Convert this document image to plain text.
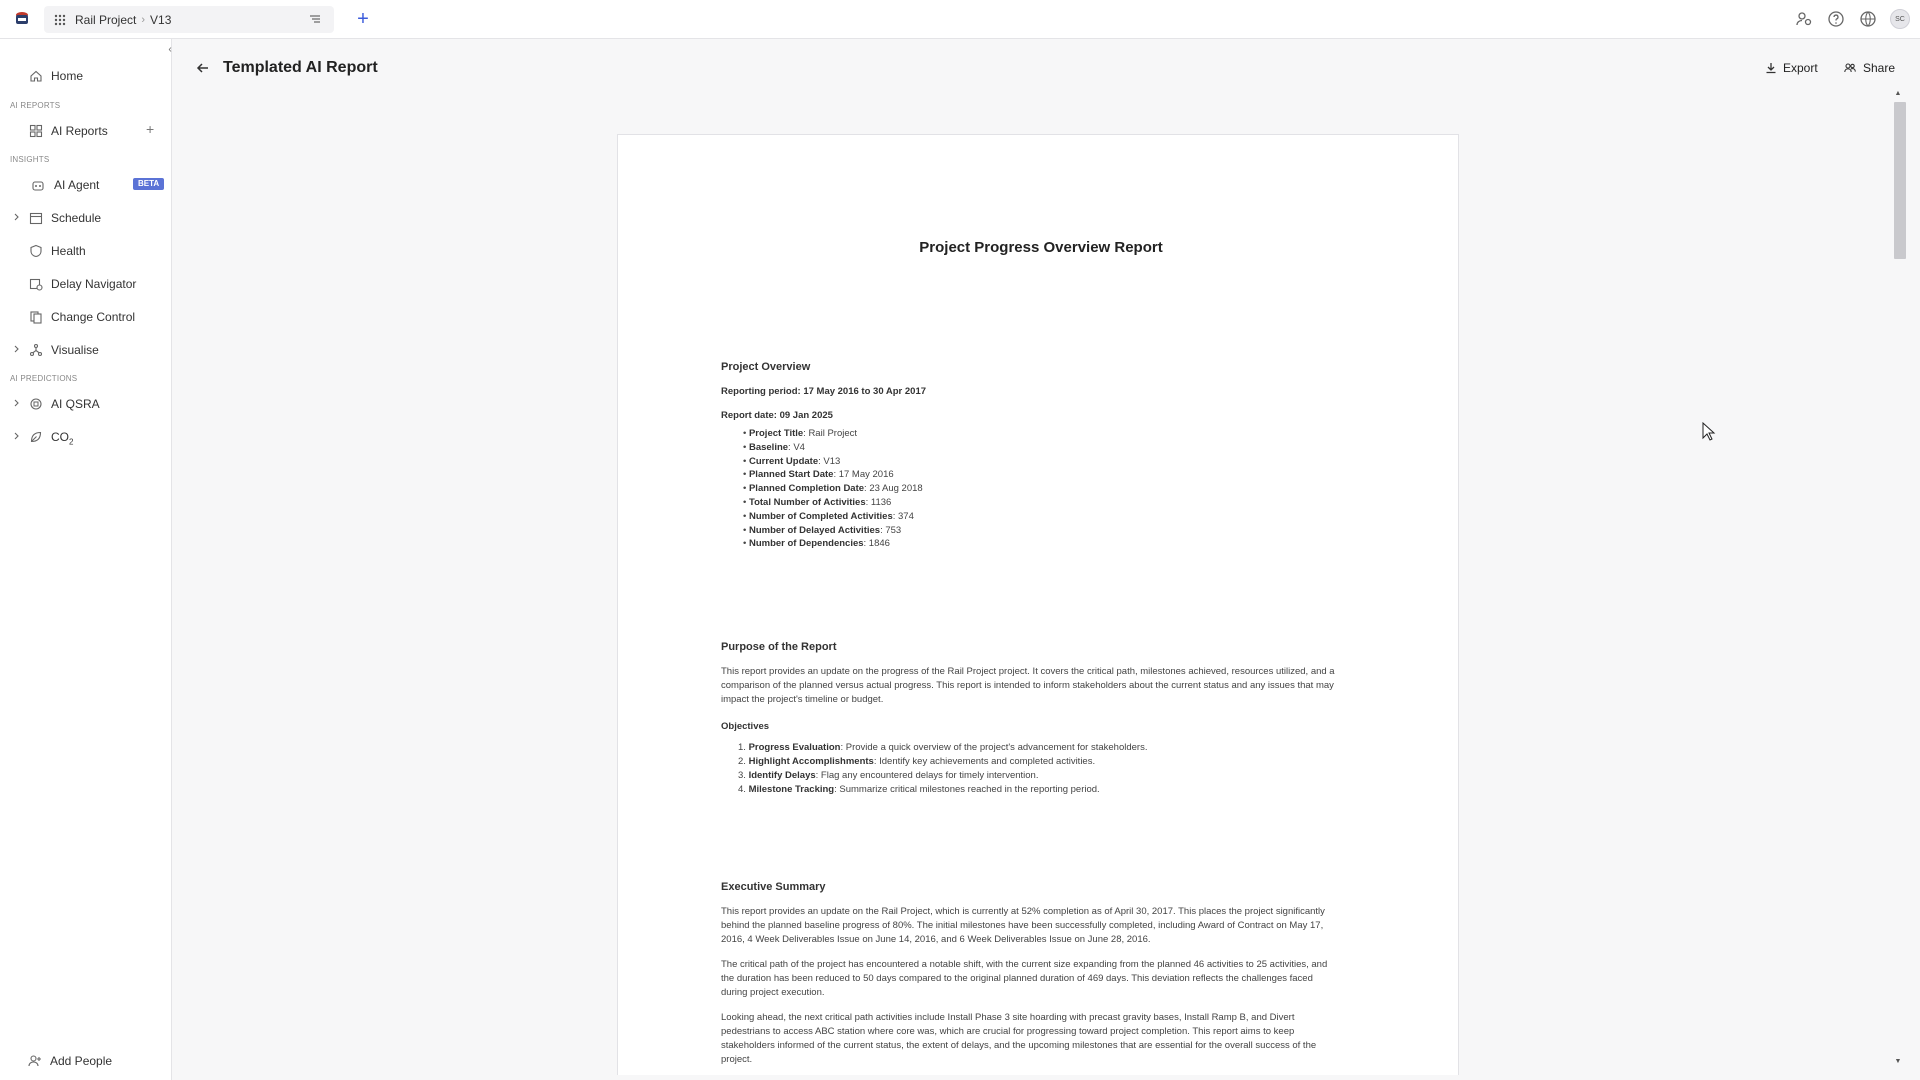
Rail Project › V13	+	SC
Home
AI REPORTS
AI Reports	+
INSIGHTS
AI Agent	BETA
Schedule
Health
Delay Navigator
Change Control
Visualise
AI PREDICTIONS
AI QSRA
$CO_2$
Add People
‹
Templated AI Report	Export	Share
Project Progress Overview Report
Project Overview
Reporting period: 17 May 2016 to 30 Apr 2017
Report date: 09 Jan 2025
• Project Title: Rail Project
• Baseline: V4
• Current Update: V13
• Planned Start Date: 17 May 2016
• Planned Completion Date: 23 Aug 2018
• Total Number of Activities: 1136
• Number of Completed Activities: 374
• Number of Delayed Activities: 753
• Number of Dependencies: 1846
Purpose of the Report
This report provides an update on the progress of the Rail Project project. It covers the critical path, milestones achieved, resources utilized, and a comparison of the planned versus actual progress. This report is intended to inform stakeholders about the current status and any issues that may impact the project's timeline or budget.
Objectives
1. Progress Evaluation: Provide a quick overview of the project's advancement for stakeholders.
2. Highlight Accomplishments: Identify key achievements and completed activities.
3. Identify Delays: Flag any encountered delays for timely intervention.
4. Milestone Tracking: Summarize critical milestones reached in the reporting period.
Executive Summary
This report provides an update on the Rail Project, which is currently at 52% completion as of April 30, 2017. This places the project significantly behind the planned baseline progress of 80%. The initial milestones have been successfully completed, including Award of Contract on May 17, 2016, 4 Week Deliverables Issue on June 14, 2016, and 6 Week Deliverables Issue on June 28, 2016.
The critical path of the project has encountered a notable shift, with the current size expanding from the planned 46 activities to 25 activities, and the duration has been reduced to 50 days compared to the original planned duration of 469 days. This deviation reflects the challenges faced during project execution.
Looking ahead, the next critical path activities include Install Phase 3 site hoarding with precast gravity bases, Install Ramp B, and Divert pedestrians to access ABC station where core was, which are crucial for progressing toward project completion. This report aims to keep stakeholders informed of the current status, the extent of delays, and the upcoming milestones that are essential for the overall success of the project.
▲
▼
